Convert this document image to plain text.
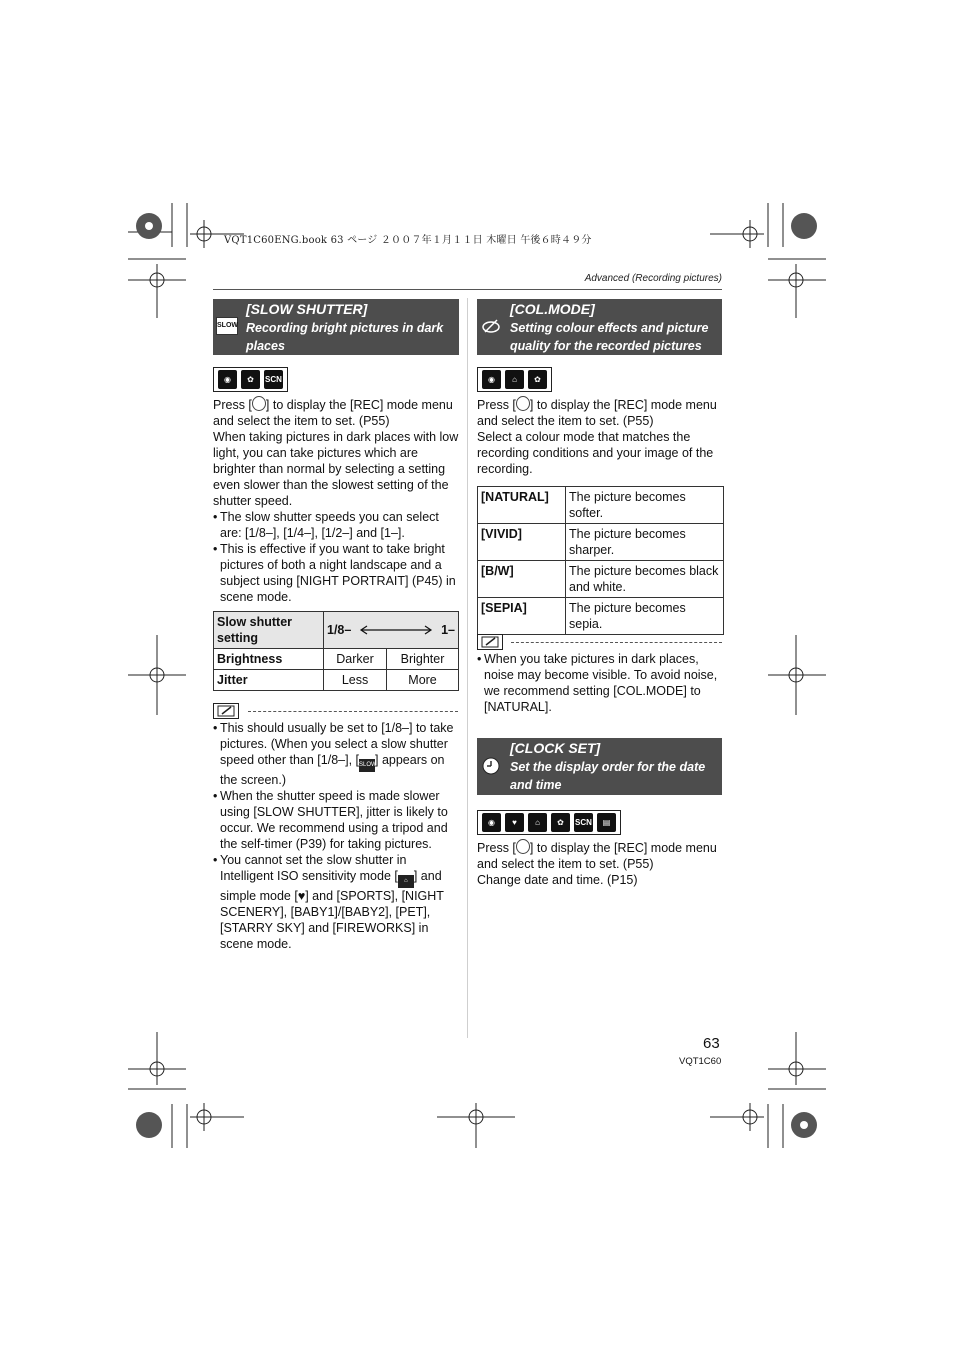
VQT1C60ENG.book 63 ページ ２００７年１月１１日 木曜日 午後６時４９分
Advanced (Recording pictures)
SLOW
[SLOW SHUTTER]
Recording bright pictures in dark places
◉	✿	SCN

Press [ ] to display the [REC] mode menu and select the item to set. (P55)

When taking pictures in dark places with low light, you can take pictures which are brighter than normal by selecting a setting even slower than the slowest setting of the shutter speed.

• The slow shutter speeds you can select are: [1/8–], [1/4–], [1/2–] and [1–].
• This is effective if you want to take bright pictures of both a night landscape and a subject using [NIGHT PORTRAIT] (P45) in scene mode.
Slow shutter setting	1/8– 1–	

Brightness	Darker	Brighter
Jitter	Less	More
• This should usually be set to [1/8–] to take pictures. (When you select a slow shutter speed other than [1/8–], [SLOW] appears on the screen.)
• When the shutter speed is made slower using [SLOW SHUTTER], jitter is likely to occur. We recommend using a tripod and the self-timer (P39) for taking pictures.
• You cannot set the slow shutter in Intelligent ISO sensitivity mode [ ⌂ ] and simple mode [♥] and [SPORTS], [NIGHT SCENERY], [BABY1]/[BABY2], [PET], [STARRY SKY] and [FIREWORKS] in scene mode.
[COL.MODE]
Setting colour effects and picture quality for the recorded pictures
◉	⌂	✿

Press [ ] to display the [REC] mode menu and select the item to set. (P55)

Select a colour mode that matches the recording conditions and your image of the recording.

[NATURAL]	The picture becomes softer.
[VIVID]	The picture becomes sharper.
[B/W]	The picture becomes black and white.
[SEPIA]	The picture becomes sepia.
• When you take pictures in dark places, noise may become visible. To avoid noise, we recommend setting [COL.MODE] to [NATURAL].
[CLOCK SET]
Set the display order for the date and time
◉	♥	⌂	✿	SCN	▤

Press [ ] to display the [REC] mode menu and select the item to set. (P55)

Change date and time. (P15)

63
VQT1C60
